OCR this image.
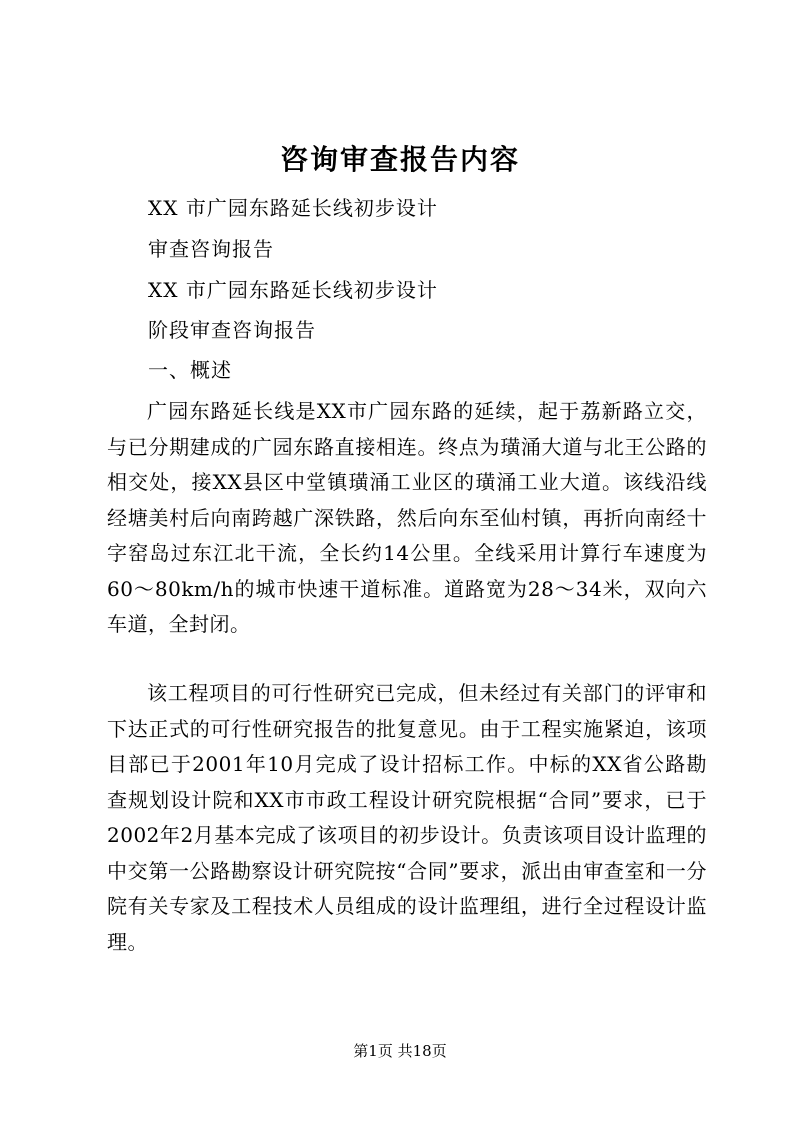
咨询审查报告内容
XX 市广园东路延长线初步设计
审查咨询报告
XX 市广园东路延长线初步设计
阶段审查咨询报告
一、概述

广园东路延长线是XX市广园东路的延续，起于荔新路立交，与已分期建成的广园东路直接相连。终点为璜涌大道与北王公路的相交处，接XX县区中堂镇璜涌工业区的璜涌工业大道。该线沿线经塘美村后向南跨越广深铁路，然后向东至仙村镇，再折向南经十字窑岛过东江北干流，全长约14公里。全线采用计算行车速度为60～80km/h的城市快速干道标准。道路宽为28～34米，双向六车道，全封闭。

该工程项目的可行性研究已完成，但未经过有关部门的评审和下达正式的可行性研究报告的批复意见。由于工程实施紧迫，该项目部已于2001年10月完成了设计招标工作。中标的XX省公路勘查规划设计院和XX市市政工程设计研究院根据“合同”要求，已于2002年2月基本完成了该项目的初步设计。负责该项目设计监理的中交第一公路勘察设计研究院按“合同”要求，派出由审查室和一分院有关专家及工程技术人员组成的设计监理组，进行全过程设计监理。

第1页 共18页
